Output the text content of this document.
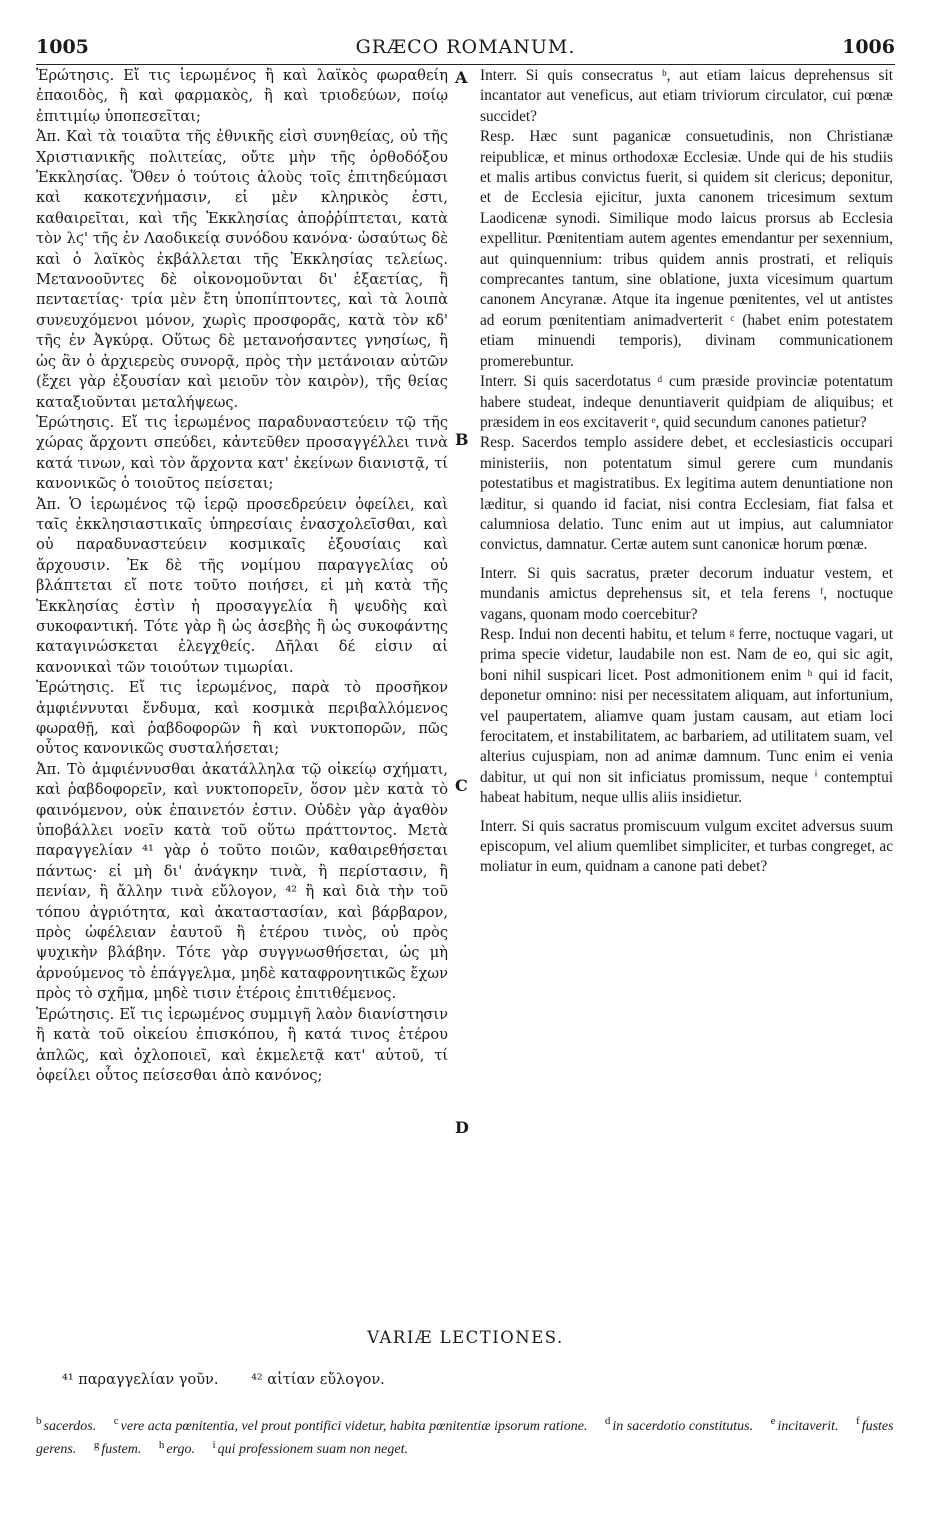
1005	GRÆCO ROMANUM.	1006
A
B
C
D

Ἐρώτησις. Εἴ τις ἱερωμένος ἢ καὶ λαϊκὸς φωραθείη ἐπαοιδὸς, ἢ καὶ φαρμακὸς, ἢ καὶ τριοδεύων, ποίῳ ἐπιτιμίῳ ὑποπεσεῖται;

Ἀπ. Καὶ τὰ τοιαῦτα τῆς ἐθνικῆς εἰσὶ συνηθείας, οὐ τῆς Χριστιανικῆς πολιτείας, οὔτε μὴν τῆς ὀρθοδόξου Ἐκκλησίας. Ὅθεν ὁ τούτοις ἁλοὺς τοῖς ἐπιτηδεύμασι καὶ κακοτεχνήμασιν, εἰ μὲν κληρικὸς ἐστι, καθαιρεῖται, καὶ τῆς Ἐκκλησίας ἀποῤῥίπτεται, κατὰ τὸν λϛ' τῆς ἐν Λαοδικείᾳ συνόδου κανόνα· ὡσαύτως δὲ καὶ ὁ λαϊκὸς ἐκβάλλεται τῆς Ἐκκλησίας τελείως. Μετανοοῦντες δὲ οἰκονομοῦνται δι' ἑξαετίας, ἢ πενταετίας· τρία μὲν ἔτη ὑποπίπτοντες, καὶ τὰ λοιπὰ συνευχόμενοι μόνον, χωρὶς προσφορᾶς, κατὰ τὸν κδ' τῆς ἐν Ἀγκύρᾳ. Οὕτως δὲ μετανοήσαντες γνησίως, ἢ ὡς ἂν ὁ ἀρχιερεὺς συνορᾷ, πρὸς τὴν μετάνοιαν αὐτῶν (ἔχει γὰρ ἐξουσίαν καὶ μειοῦν τὸν καιρὸν), τῆς θείας καταξιοῦνται μεταλήψεως.

Ἐρώτησις. Εἴ τις ἱερωμένος παραδυναστεύειν τῷ τῆς χώρας ἄρχοντι σπεύδει, κἀντεῦθεν προσαγγέλλει τινὰ κατά τινων, καὶ τὸν ἄρχοντα κατ' ἐκείνων διανιστᾷ, τί κανονικῶς ὁ τοιοῦτος πείσεται;

Ἀπ. Ὁ ἱερωμένος τῷ ἱερῷ προσεδρεύειν ὀφείλει, καὶ ταῖς ἐκκλησιαστικαῖς ὑπηρεσίαις ἐνασχολεῖσθαι, καὶ οὐ παραδυναστεύειν κοσμικαῖς ἐξουσίαις καὶ ἄρχουσιν. Ἐκ δὲ τῆς νομίμου παραγγελίας οὐ βλάπτεται εἴ ποτε τοῦτο ποιήσει, εἰ μὴ κατὰ τῆς Ἐκκλησίας ἐστὶν ἡ προσαγγελία ἢ ψευδὴς καὶ συκοφαντική. Τότε γὰρ ἢ ὡς ἀσεβὴς ἢ ὡς συκοφάντης καταγινώσκεται ἐλεγχθείς. Δῆλαι δέ εἰσιν αἱ κανονικαὶ τῶν τοιούτων τιμωρίαι.

Ἐρώτησις. Εἴ τις ἱερωμένος, παρὰ τὸ προσῆκον ἀμφιέννυται ἔνδυμα, καὶ κοσμικὰ περιβαλλόμενος φωραθῇ, καὶ ῥαβδοφορῶν ἢ καὶ νυκτοπορῶν, πῶς οὗτος κανονικῶς συσταλήσεται;

Ἀπ. Τὸ ἀμφιέννυσθαι ἀκατάλληλα τῷ οἰκείῳ σχήματι, καὶ ῥαβδοφορεῖν, καὶ νυκτοπορεῖν, ὅσον μὲν κατὰ τὸ φαινόμενον, οὐκ ἐπαινετόν ἐστιν. Οὐδὲν γὰρ ἀγαθὸν ὑποβάλλει νοεῖν κατὰ τοῦ οὕτω πράττοντος. Μετὰ παραγγελίαν ⁴¹ γὰρ ὁ τοῦτο ποιῶν, καθαιρεθήσεται πάντως· εἰ μὴ δι' ἀνάγκην τινὰ, ἢ περίστασιν, ἢ πενίαν, ἢ ἄλλην τινὰ εὔλογον, ⁴² ἢ καὶ διὰ τὴν τοῦ τόπου ἀγριότητα, καὶ ἀκαταστασίαν, καὶ βάρβαρον, πρὸς ὠφέλειαν ἑαυτοῦ ἢ ἑτέρου τινὸς, οὐ πρὸς ψυχικὴν βλάβην. Τότε γὰρ συγγνωσθήσεται, ὡς μὴ ἀρνούμενος τὸ ἐπάγγελμα, μηδὲ καταφρονητικῶς ἔχων πρὸς τὸ σχῆμα, μηδὲ τισιν ἑτέροις ἐπιτιθέμενος.

Ἐρώτησις. Εἴ τις ἱερωμένος συμμιγῆ λαὸν διανίστησιν ἢ κατὰ τοῦ οἰκείου ἐπισκόπου, ἢ κατά τινος ἑτέρου ἁπλῶς, καὶ ὀχλοποιεῖ, καὶ ἐκμελετᾷ κατ' αὐτοῦ, τί ὀφείλει οὗτος πείσεσθαι ἀπὸ κανόνος;

Interr. Si quis consecratus ᵇ, aut etiam laicus deprehensus sit incantator aut veneficus, aut etiam triviorum circulator, cui pœnæ succidet?

Resp. Hæc sunt paganicæ consuetudinis, non Christianæ reipublicæ, et minus orthodoxæ Ecclesiæ. Unde qui de his studiis et malis artibus convictus fuerit, si quidem sit clericus; deponitur, et de Ecclesia ejicitur, juxta canonem tricesimum sextum Laodicenæ synodi. Similique modo laicus prorsus ab Ecclesia expellitur. Pœnitentiam autem agentes emendantur per sexennium, aut quinquennium: tribus quidem annis prostrati, et reliquis comprecantes tantum, sine oblatione, juxta vicesimum quartum canonem Ancyranæ. Atque ita ingenue pœnitentes, vel ut antistes ad eorum pœnitentiam animadverterit ᶜ (habet enim potestatem etiam minuendi temporis), divinam communicationem promerebuntur.

Interr. Si quis sacerdotatus ᵈ cum præside provinciæ potentatum habere studeat, indeque denuntiaverit quidpiam de aliquibus; et præsidem in eos excitaverit ᵉ, quid secundum canones patietur?

Resp. Sacerdos templo assidere debet, et ecclesiasticis occupari ministeriis, non potentatum simul gerere cum mundanis potestatibus et magistratibus. Ex legitima autem denuntiatione non læditur, si quando id faciat, nisi contra Ecclesiam, fiat falsa et calumniosa delatio. Tunc enim aut ut impius, aut calumniator convictus, damnatur. Certæ autem sunt canonicæ horum pœnæ.

Interr. Si quis sacratus, præter decorum induatur vestem, et mundanis amictus deprehensus sit, et tela ferens ᶠ, noctuque vagans, quonam modo coercebitur?

Resp. Indui non decenti habitu, et telum ᵍ ferre, noctuque vagari, ut prima specie videtur, laudabile non est. Nam de eo, qui sic agit, boni nihil suspicari licet. Post admonitionem enim ʰ qui id facit, deponetur omnino: nisi per necessitatem aliquam, aut infortunium, vel paupertatem, aliamve quam justam causam, aut etiam loci ferocitatem, et instabilitatem, ac barbariem, ad utilitatem suam, vel alterius cujuspiam, non ad animæ damnum. Tunc enim ei venia dabitur, ut qui non sit inficiatus promissum, neque ⁱ contemptui habeat habitum, neque ullis aliis insidietur.

Interr. Si quis sacratus promiscuum vulgum excitet adversus suum episcopum, vel alium quemlibet simpliciter, et turbas congreget, ac moliatur in eum, quidnam a canone pati debet?

VARIÆ LECTIONES.
⁴¹ παραγγελίαν γοῦν. ⁴² αἰτίαν εὔλογον.
$^b$ sacerdos. $^c$ vere acta pœnitentia, vel prout pontifici videtur, habita pœnitentiæ ipsorum ratione. $^d$ in sacerdotio constitutus. $^e$ incitaverit. $^f$ fustes gerens. $^g$ fustem. $^h$ ergo. $^i$ qui professionem suam non neget.
